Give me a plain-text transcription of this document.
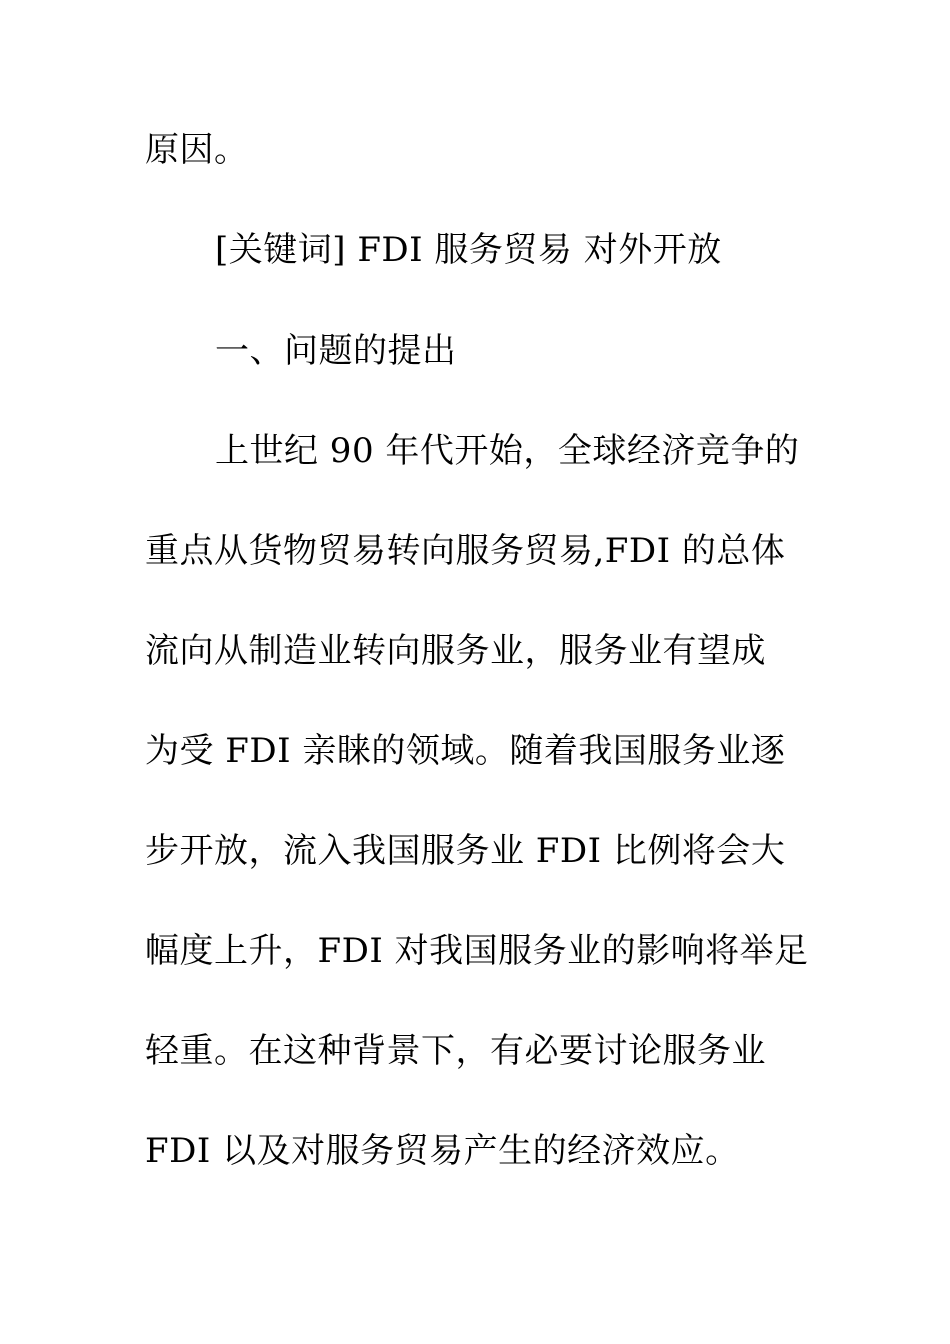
原因。
[关键词] FDI 服务贸易 对外开放
一、问题的提出
上世纪 90 年代开始，全球经济竞争的
重点从货物贸易转向服务贸易,FDI 的总体
流向从制造业转向服务业，服务业有望成
为受 FDI 亲睐的领域。随着我国服务业逐
步开放，流入我国服务业 FDI 比例将会大
幅度上升，FDI 对我国服务业的影响将举足
轻重。在这种背景下，有必要讨论服务业
FDI 以及对服务贸易产生的经济效应。
